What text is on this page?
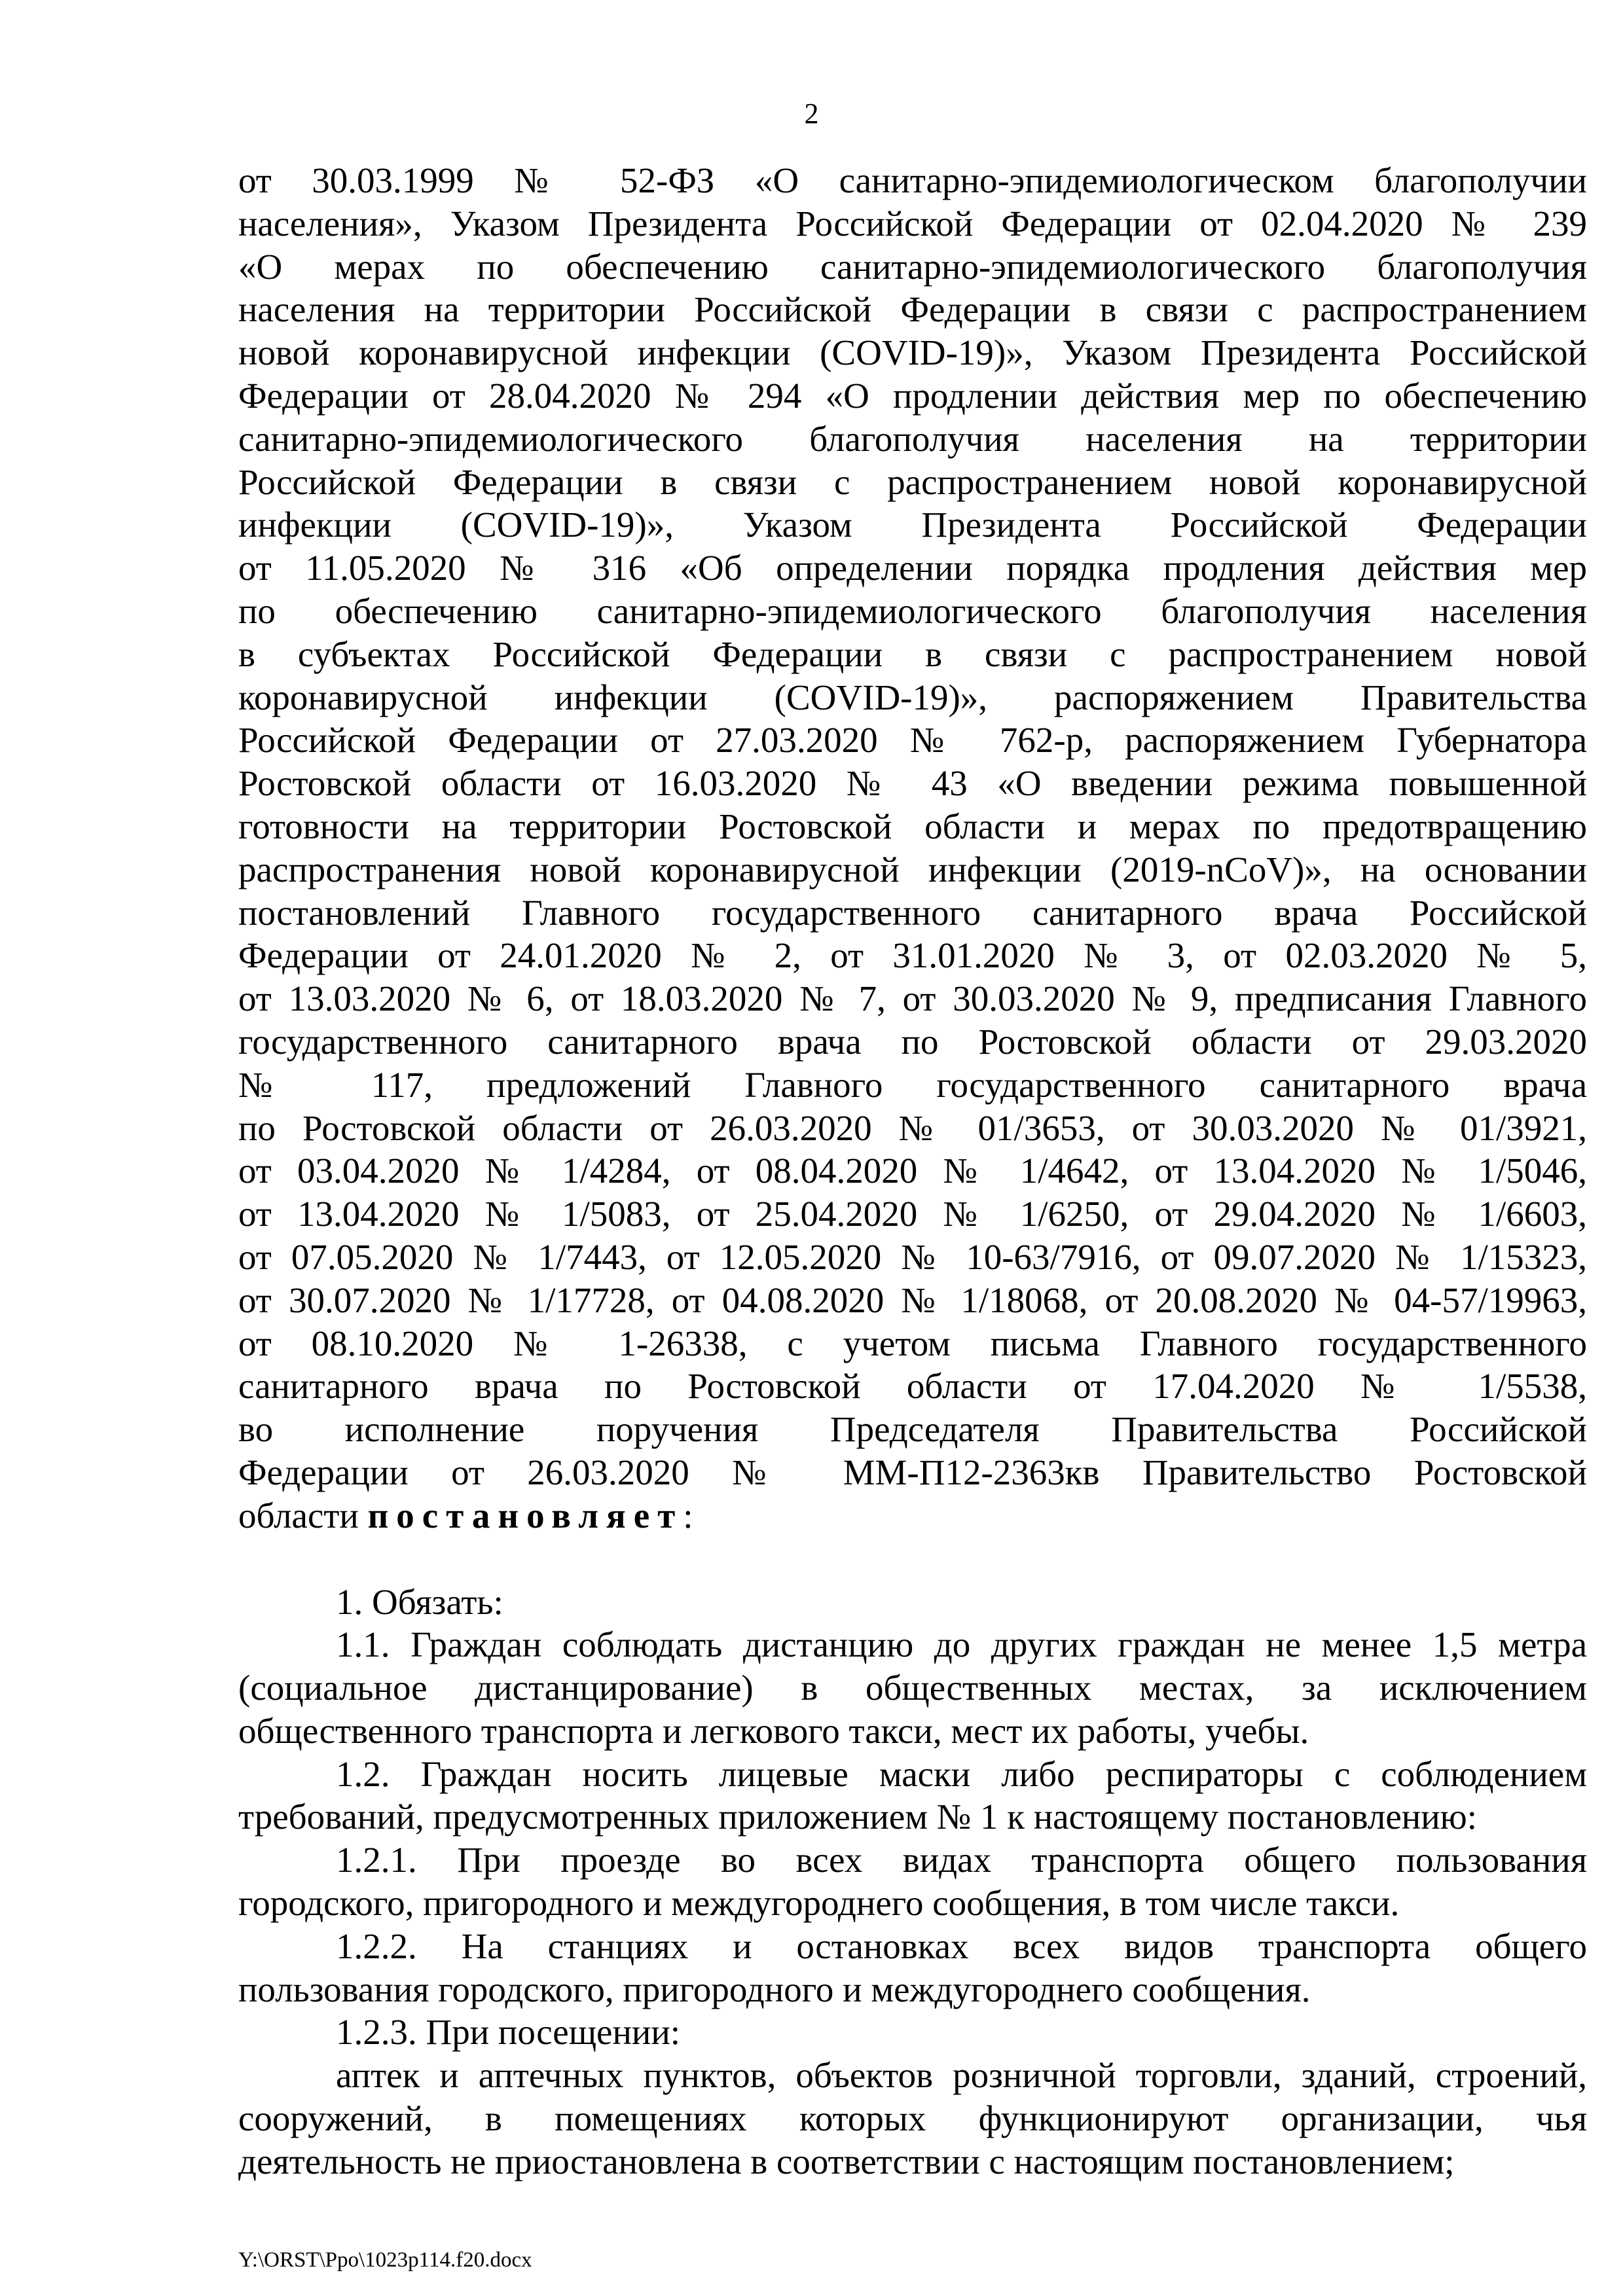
2
от 30.03.1999 № 52-ФЗ «О санитарно-эпидемиологическом благополучии
населения», Указом Президента Российской Федерации от 02.04.2020 № 239
«О мерах по обеспечению санитарно-эпидемиологического благополучия
населения на территории Российской Федерации в связи с распространением
новой коронавирусной инфекции (COVID-19)», Указом Президента Российской
Федерации от 28.04.2020 № 294 «О продлении действия мер по обеспечению
санитарно-эпидемиологического благополучия населения на территории
Российской Федерации в связи с распространением новой коронавирусной
инфекции (COVID-19)», Указом Президента Российской Федерации
от 11.05.2020 № 316 «Об определении порядка продления действия мер
по обеспечению санитарно-эпидемиологического благополучия населения
в субъектах Российской Федерации в связи с распространением новой
коронавирусной инфекции (COVID-19)», распоряжением Правительства
Российской Федерации от 27.03.2020 № 762-р, распоряжением Губернатора
Ростовской области от 16.03.2020 № 43 «О введении режима повышенной
готовности на территории Ростовской области и мерах по предотвращению
распространения новой коронавирусной инфекции (2019-nCoV)», на основании
постановлений Главного государственного санитарного врача Российской
Федерации от 24.01.2020 № 2, от 31.01.2020 № 3, от 02.03.2020 № 5,
от 13.03.2020 № 6, от 18.03.2020 № 7, от 30.03.2020 № 9, предписания Главного
государственного санитарного врача по Ростовской области от 29.03.2020
№ 117, предложений Главного государственного санитарного врача
по Ростовской области от 26.03.2020 № 01/3653, от 30.03.2020 № 01/3921,
от 03.04.2020 № 1/4284, от 08.04.2020 № 1/4642, от 13.04.2020 № 1/5046,
от 13.04.2020 № 1/5083, от 25.04.2020 № 1/6250, от 29.04.2020 № 1/6603,
от 07.05.2020 № 1/7443, от 12.05.2020 № 10-63/7916, от 09.07.2020 № 1/15323,
от 30.07.2020 № 1/17728, от 04.08.2020 № 1/18068, от 20.08.2020 № 04-57/19963,
от 08.10.2020 № 1-26338, с учетом письма Главного государственного
санитарного врача по Ростовской области от 17.04.2020 № 1/5538,
во исполнение поручения Председателя Правительства Российской
Федерации от 26.03.2020 № ММ-П12-2363кв Правительство Ростовской
области постановляет:
1. Обязать:
1.1. Граждан соблюдать дистанцию до других граждан не менее 1,5 метра
(социальное дистанцирование) в общественных местах, за исключением
общественного транспорта и легкового такси, мест их работы, учебы.
1.2. Граждан носить лицевые маски либо респираторы с соблюдением
требований, предусмотренных приложением № 1 к настоящему постановлению:
1.2.1. При проезде во всех видах транспорта общего пользования
городского, пригородного и междугороднего сообщения, в том числе такси.
1.2.2. На станциях и остановках всех видов транспорта общего
пользования городского, пригородного и междугороднего сообщения.
1.2.3. При посещении:
аптек и аптечных пунктов, объектов розничной торговли, зданий, строений,
сооружений, в помещениях которых функционируют организации, чья
деятельность не приостановлена в соответствии с настоящим постановлением;
Y:\ORST\Ppo\1023p114.f20.docx
